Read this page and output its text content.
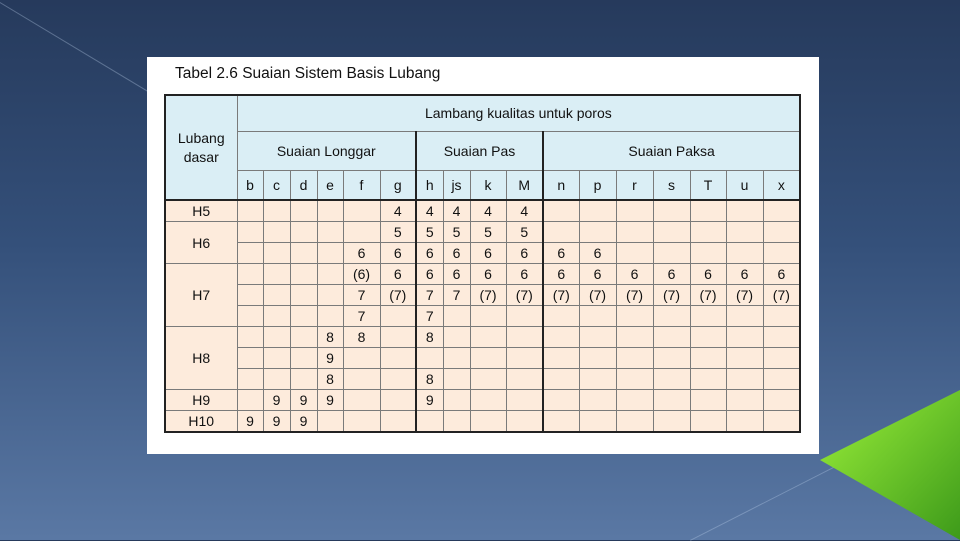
Tabel 2.6 Suaian Sistem Basis Lubang
Lubang dasar	Lambang kualitas untuk poros																
	Suaian Longgar						Suaian Pas				Suaian Paksa						
	b	c	d	e	f	g	h	js	k	M	n	p	r	s	T	u	x
H5						4	4	4	4	4							
H6						5	5	5	5	5							
					6	6	6	6	6	6	6	6					
H7					(6)	6	6	6	6	6	6	6	6	6	6	6	6
					7	(7)	7	7	(7)	(7)	(7)	(7)	(7)	(7)	(7)	(7)	(7)
					7		7										
H8				8	8		8										
				9													
				8			8										
H9		9	9	9			9										
H10	9	9	9														
